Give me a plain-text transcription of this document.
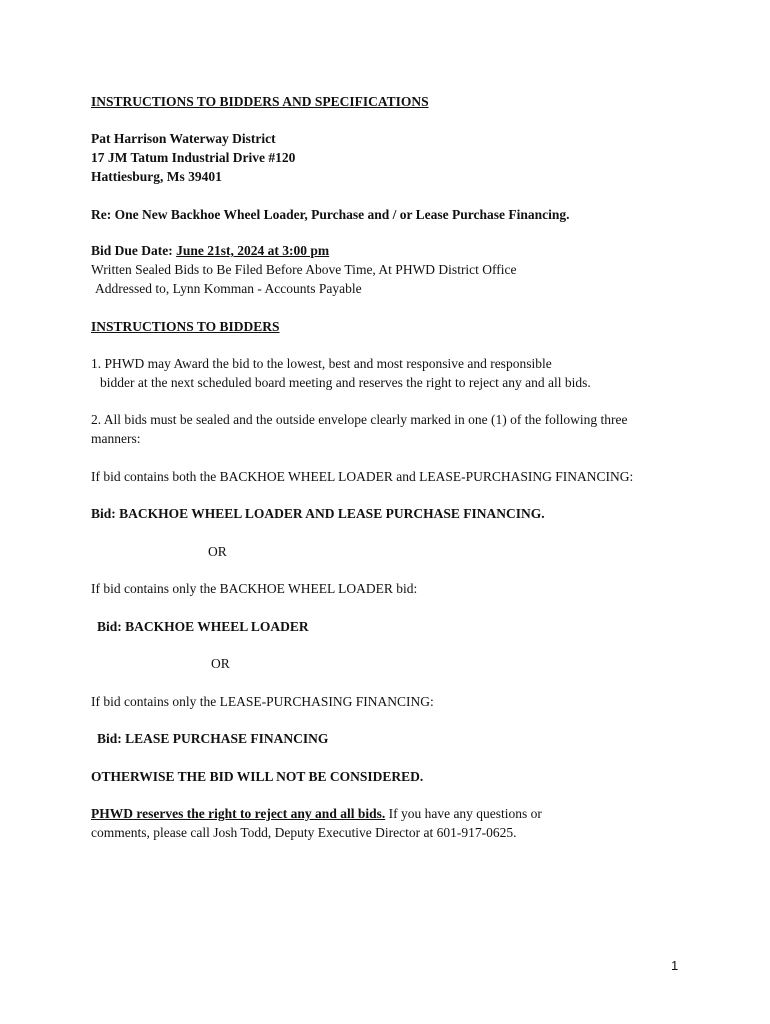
INSTRUCTIONS TO BIDDERS AND SPECIFICATIONS
Pat Harrison Waterway District
17 JM Tatum Industrial Drive #120
Hattiesburg, Ms 39401
Re: One New Backhoe Wheel Loader, Purchase and / or Lease Purchase Financing.
Bid Due Date: June 21st, 2024 at 3:00 pm
Written Sealed Bids to Be Filed Before Above Time, At PHWD District Office
Addressed to, Lynn Komman - Accounts Payable
INSTRUCTIONS TO BIDDERS
1. PHWD may Award the bid to the lowest, best and most responsive and responsible
bidder at the next scheduled board meeting and reserves the right to reject any and all bids.
2. All bids must be sealed and the outside envelope clearly marked in one (1) of the following three
manners:
If bid contains both the BACKHOE WHEEL LOADER and LEASE-PURCHASING FINANCING:
Bid: BACKHOE WHEEL LOADER AND LEASE PURCHASE FINANCING.
OR
If bid contains only the BACKHOE WHEEL LOADER bid:
Bid: BACKHOE WHEEL LOADER
OR
If bid contains only the LEASE-PURCHASING FINANCING:
Bid: LEASE PURCHASE FINANCING
OTHERWISE THE BID WILL NOT BE CONSIDERED.
PHWD reserves the right to reject any and all bids. If you have any questions or
comments, please call Josh Todd, Deputy Executive Director at 601-917-0625.
1
